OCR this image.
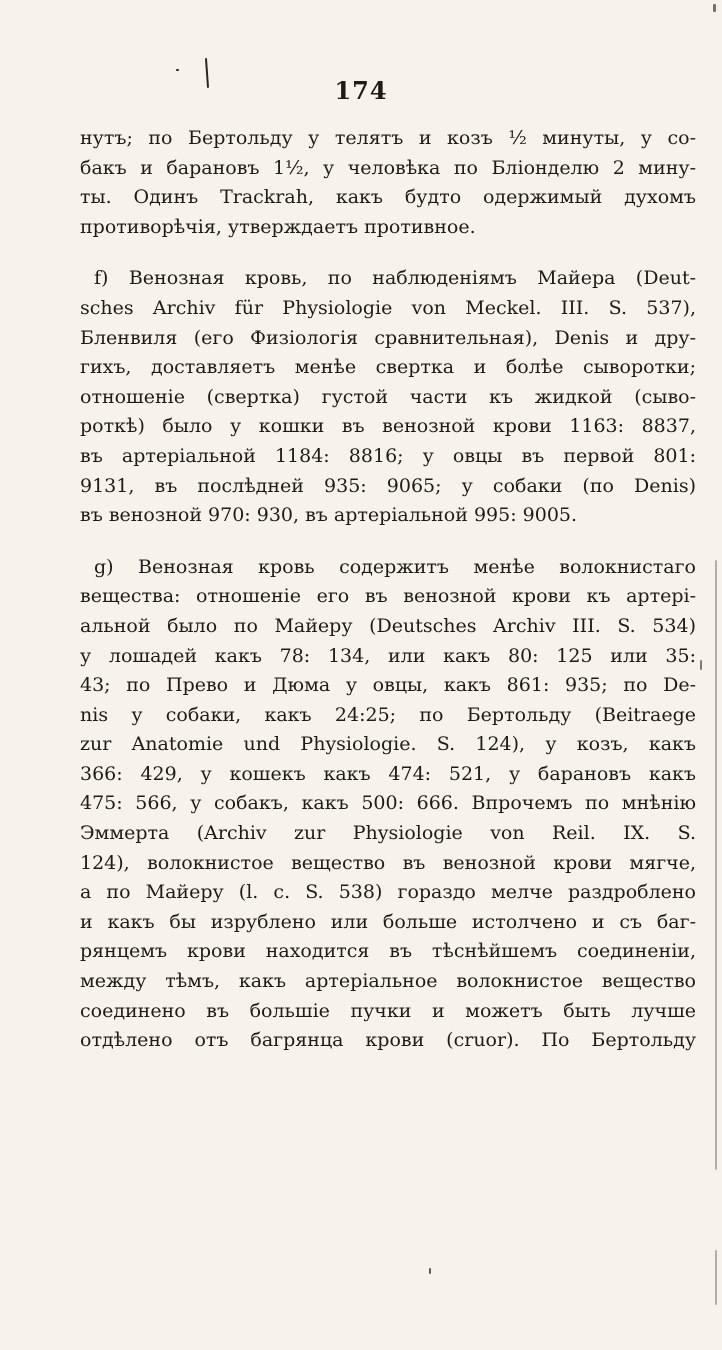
174
нутъ; по Бертольду у телятъ и козъ ½ минуты, у со-
бакъ и барановъ 1½, у человѣка по Бліонделю 2 мину-
ты. Одинъ Trackrah, какъ будто одержимый духомъ
противорѣчія, утверждаетъ противное.
f) Венозная кровь, по наблюденіямъ Майера (Deut-
sches Archiv für Physiologie von Meckel. III. S. 537),
Бленвиля (его Физіологія сравнительная), Denis и дру-
гихъ, доставляетъ менѣе свертка и болѣе сыворотки;
отношеніе (свертка) густой части къ жидкой (сыво-
роткѣ) было у кошки въ венозной крови 1163: 8837,
въ артеріальной 1184: 8816; у овцы въ первой 801:
9131, въ послѣдней 935: 9065; у собаки (по Denis)
въ венозной 970: 930, въ артеріальной 995: 9005.
g) Венозная кровь содержитъ менѣе волокнистаго
вещества: отношеніе его въ венозной крови къ артері-
альной было по Майеру (Deutsches Archiv III. S. 534)
у лошадей какъ 78: 134, или какъ 80: 125 или 35:
43; по Прево и Дюма у овцы, какъ 861: 935; по De-
nis у собаки, какъ 24:25; по Бертольду (Beitraege
zur Anatomie und Physiologie. S. 124), у козъ, какъ
366: 429, у кошекъ какъ 474: 521, у барановъ какъ
475: 566, у собакъ, какъ 500: 666. Впрочемъ по мнѣнію
Эммерта (Archiv zur Physiologie von Reil. IX. S.
124), волокнистое вещество въ венозной крови мягче,
а по Майеру (l. c. S. 538) гораздо мелче раздроблено
и какъ бы изрублено или больше истолчено и съ баг-
рянцемъ крови находится въ тѣснѣйшемъ соединеніи,
между тѣмъ, какъ артеріальное волокнистое вещество
соединено въ большіе пучки и можетъ быть лучше
отдѣлено отъ багрянца крови (cruor). По Бертольду
